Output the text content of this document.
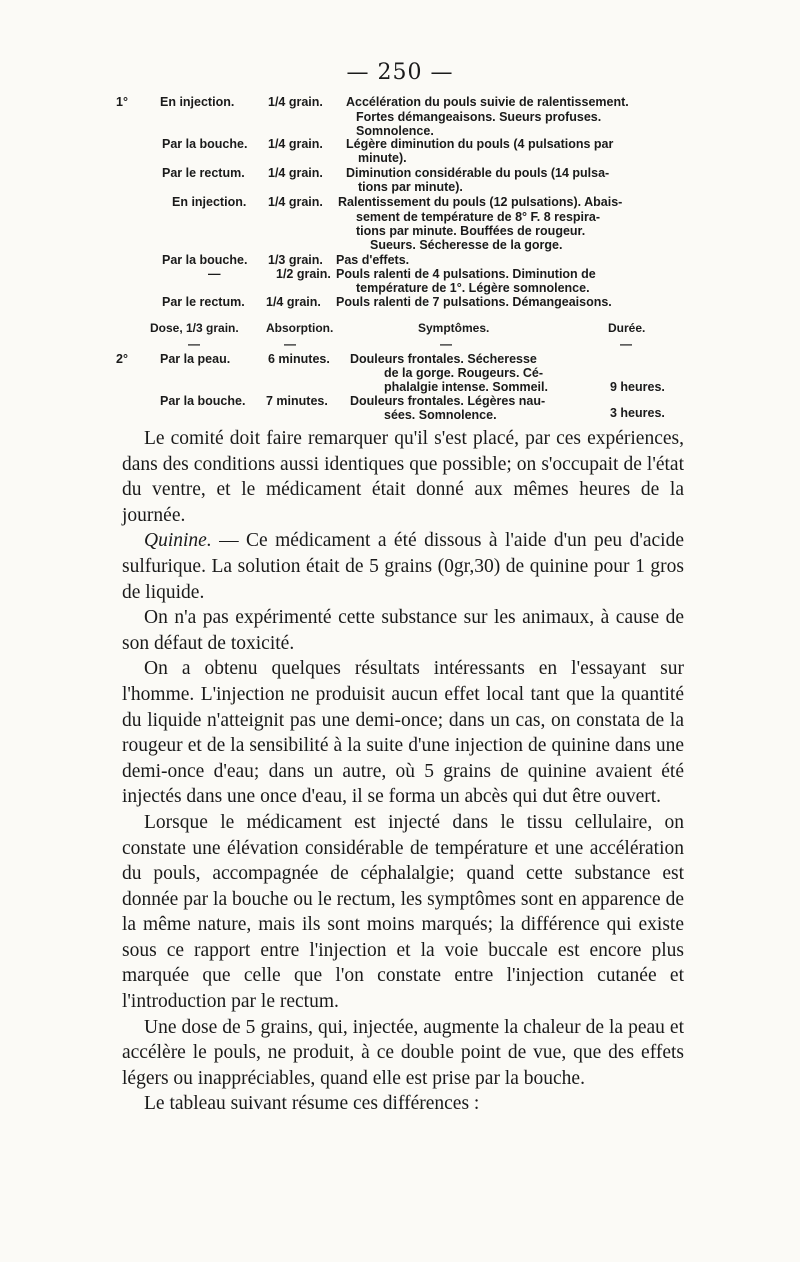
— 250 —
1°	En injection.	1/4 grain. Accélération du pouls suivie de ralentissement.
Fortes démangeaisons. Sueurs profuses.
Somnolence.
Par la bouche. 1/4 grain. Légère diminution du pouls (4 pulsations par
minute).
Par le rectum. 1/4 grain. Diminution considérable du pouls (14 pulsa-
tions par minute).
En injection. 1/4 grain. Ralentissement du pouls (12 pulsations). Abais-
sement de température de 8° F. 8 respira-
tions par minute. Bouffées de rougeur.
Sueurs. Sécheresse de la gorge.
Par la bouche. 1/3 grain. Pas d'effets.
—	1/2 grain. Pouls ralenti de 4 pulsations. Diminution de
température de 1°. Légère somnolence.
Par le rectum. 1/4 grain. Pouls ralenti de 7 pulsations. Démangeaisons.
Dose, 1/3 grain. Absorption.	Symptômes.	Durée.
—	—	—	—
2°	Par la peau.	6 minutes. Douleurs frontales. Sécheresse
de la gorge. Rougeurs. Cé-
phalalgie intense. Sommeil.	9 heures.
Par la bouche. 7 minutes. Douleurs frontales. Légères nau-
sées. Somnolence.	3 heures.

Le comité doit faire remarquer qu'il s'est placé, par ces expériences, dans des conditions aussi identiques que possible; on s'occupait de l'état du ventre, et le médicament était donné aux mêmes heures de la journée.

Quinine. — Ce médicament a été dissous à l'aide d'un peu d'acide sulfurique. La solution était de 5 grains (0gr,30) de quinine pour 1 gros de liquide.

On n'a pas expérimenté cette substance sur les animaux, à cause de son défaut de toxicité.

On a obtenu quelques résultats intéressants en l'essayant sur l'homme. L'injection ne produisit aucun effet local tant que la quantité du liquide n'atteignit pas une demi-once; dans un cas, on constata de la rougeur et de la sensibilité à la suite d'une injection de quinine dans une demi-once d'eau; dans un autre, où 5 grains de quinine avaient été injectés dans une once d'eau, il se forma un abcès qui dut être ouvert.

Lorsque le médicament est injecté dans le tissu cellulaire, on constate une élévation considérable de température et une accélération du pouls, accompagnée de céphalalgie; quand cette substance est donnée par la bouche ou le rectum, les symptômes sont en apparence de la même nature, mais ils sont moins marqués; la différence qui existe sous ce rapport entre l'injection et la voie buccale est encore plus marquée que celle que l'on constate entre l'injection cutanée et l'introduction par le rectum.

Une dose de 5 grains, qui, injectée, augmente la chaleur de la peau et accélère le pouls, ne produit, à ce double point de vue, que des effets légers ou inappréciables, quand elle est prise par la bouche.

Le tableau suivant résume ces différences :
